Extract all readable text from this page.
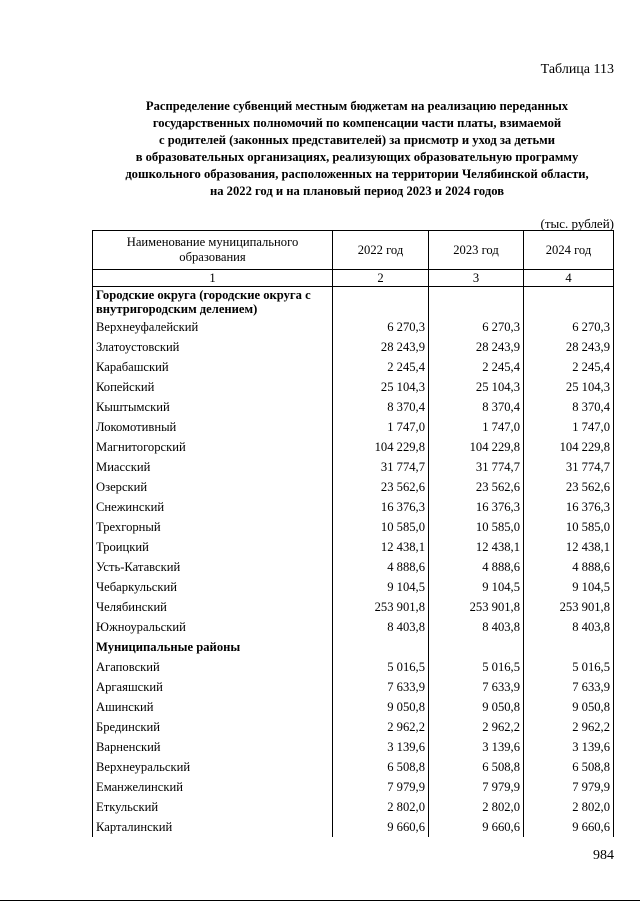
Таблица 113
Распределение субвенций местным бюджетам на реализацию переданных
государственных полномочий по компенсации части платы, взимаемой
с родителей (законных представителей) за присмотр и уход за детьми
в образовательных организациях, реализующих образовательную программу
дошкольного образования, расположенных на территории Челябинской области,
на 2022 год и на плановый период 2023 и 2024 годов
(тыс. рублей)
Наименование муниципального образования	2022 год	2023 год	2024 год
1	2	3	4
Городские округа (городские округа с внутригородским делением)			
Верхнеуфалейский	6 270,3	6 270,3	6 270,3
Златоустовский	28 243,9	28 243,9	28 243,9
Карабашский	2 245,4	2 245,4	2 245,4
Копейский	25 104,3	25 104,3	25 104,3
Кыштымский	8 370,4	8 370,4	8 370,4
Локомотивный	1 747,0	1 747,0	1 747,0
Магнитогорский	104 229,8	104 229,8	104 229,8
Миасский	31 774,7	31 774,7	31 774,7
Озерский	23 562,6	23 562,6	23 562,6
Снежинский	16 376,3	16 376,3	16 376,3
Трехгорный	10 585,0	10 585,0	10 585,0
Троицкий	12 438,1	12 438,1	12 438,1
Усть-Катавский	4 888,6	4 888,6	4 888,6
Чебаркульский	9 104,5	9 104,5	9 104,5
Челябинский	253 901,8	253 901,8	253 901,8
Южноуральский	8 403,8	8 403,8	8 403,8
Муниципальные районы			
Агаповский	5 016,5	5 016,5	5 016,5
Аргаяшский	7 633,9	7 633,9	7 633,9
Ашинский	9 050,8	9 050,8	9 050,8
Брединский	2 962,2	2 962,2	2 962,2
Варненский	3 139,6	3 139,6	3 139,6
Верхнеуральский	6 508,8	6 508,8	6 508,8
Еманжелинский	7 979,9	7 979,9	7 979,9
Еткульский	2 802,0	2 802,0	2 802,0
Карталинский	9 660,6	9 660,6	9 660,6
984
